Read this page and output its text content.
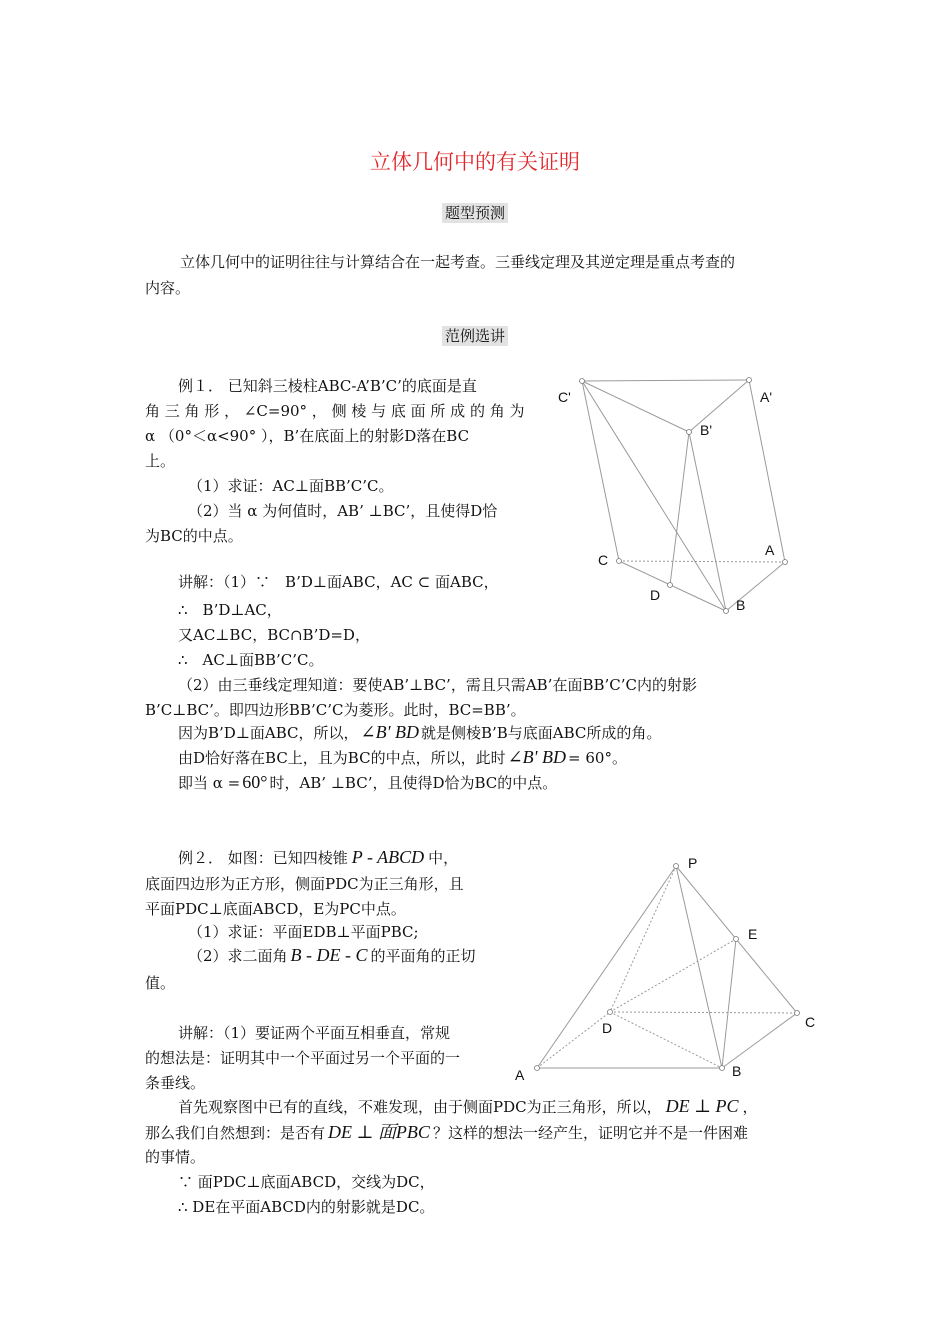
立体几何中的有关证明
题型预测
立体几何中的证明往往与计算结合在一起考查。三垂线定理及其逆定理是重点考查的
内容。
范例选讲
例１． 已知斜三棱柱ABC-A’B’C’的底面是直
角 三 角 形 ， ∠C=90° ， 侧 棱 与 底 面 所 成 的 角 为
α （0°＜α<90° ），B’在底面上的射影D落在BC
上。
（1）求证：AC⊥面BB’C’C。
（2）当 α 为何值时，AB’ ⊥BC’，且使得D恰
为BC的中点。
讲解：（1）∵　B’D⊥面ABC，AC ⊂ 面ABC，
∴　B’D⊥AC，
又AC⊥BC，BC∩B’D=D，
∴　AC⊥面BB’C’C。
（2）由三垂线定理知道：要使AB’⊥BC’，需且只需AB’在面BB’C’C内的射影
B’C⊥BC’。即四边形BB’C’C为菱形。此时，BC=BB’。
因为B’D⊥面ABC，所以， ∠B' BD 就是侧棱B’B与底面ABC所成的角。
由D恰好落在BC上，且为BC的中点，所以，此时 ∠B' BD = 60°。
即当 α = 60° 时，AB’ ⊥BC’，且使得D恰为BC的中点。
C'	A'
B'
C
A
D
B
例２． 如图：已知四棱锥 P - ABCD 中，
底面四边形为正方形，侧面PDC为正三角形，且
平面PDC⊥底面ABCD，E为PC中点。
（1）求证：平面EDB⊥平面PBC;
（2）求二面角 B - DE - C 的平面角的正切
值。
讲解：（1）要证两个平面互相垂直，常规
的想法是：证明其中一个平面过另一个平面的一
条垂线。
首先观察图中已有的直线，不难发现，由于侧面PDC为正三角形，所以， DE ⊥ PC ，
那么我们自然想到：是否有 DE ⊥ 面PBC ？这样的想法一经产生，证明它并不是一件困难
的事情。
∵ 面PDC⊥底面ABCD，交线为DC，
∴ DE在平面ABCD内的射影就是DC。
P
E
D	C
A	B
